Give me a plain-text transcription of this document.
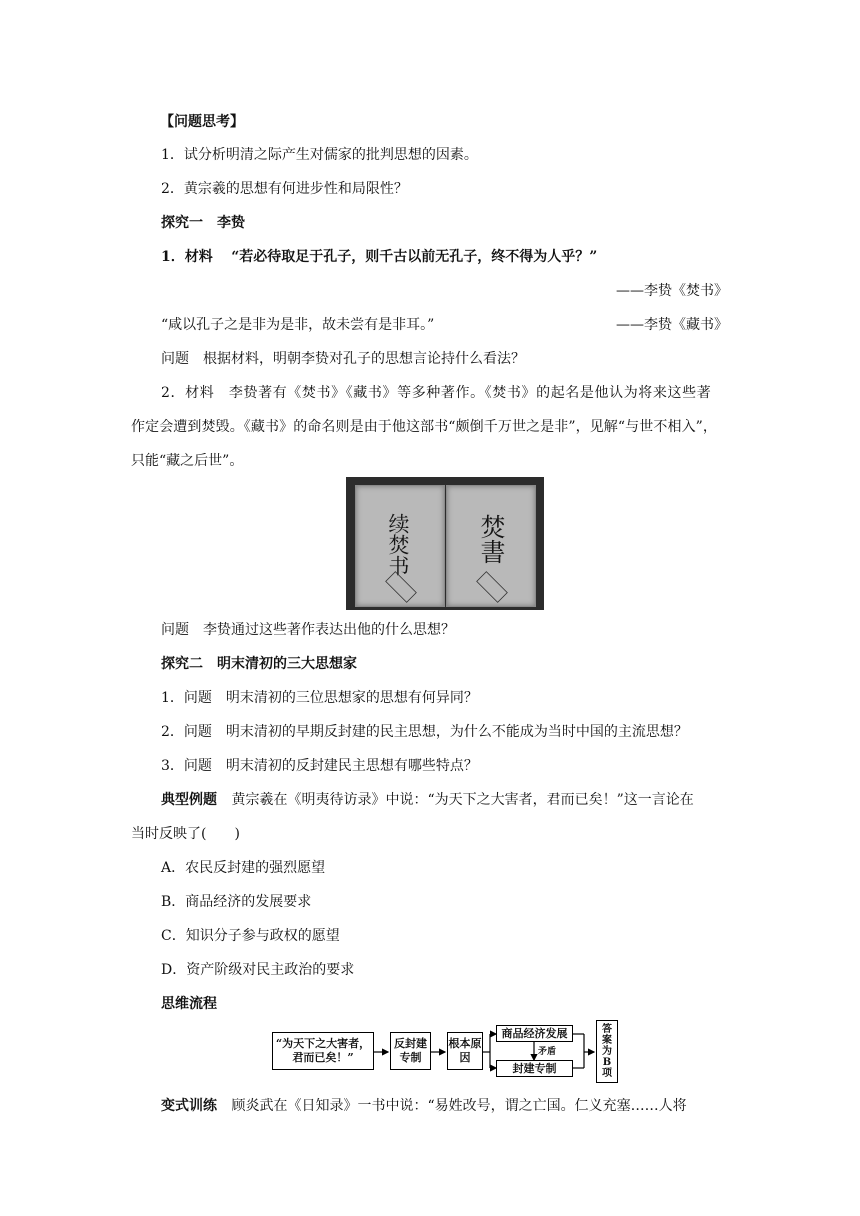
【问题思考】
1．试分析明清之际产生对儒家的批判思想的因素。
2．黄宗羲的思想有何进步性和局限性？
探究一　李贽
1．材料 “若必待取足于孔子，则千古以前无孔子，终不得为人乎？”
——李贽《焚书》
“咸以孔子之是非为是非，故未尝有是非耳。”	——李贽《藏书》
问题　根据材料，明朝李贽对孔子的思想言论持什么看法？
2．材料　李贽著有《焚书》《藏书》等多种著作。《焚书》的起名是他认为将来这些著
作定会遭到焚毁。《藏书》的命名则是由于他这部书“颇倒千万世之是非”，见解“与世不相入”，
只能“藏之后世”。
续焚书	焚書
问题　李贽通过这些著作表达出他的什么思想？
探究二　明末清初的三大思想家
1．问题　明末清初的三位思想家的思想有何异同？
2．问题　明末清初的早期反封建的民主思想，为什么不能成为当时中国的主流思想？
3．问题　明末清初的反封建民主思想有哪些特点？
典型例题 黄宗羲在《明夷待访录》中说：“为天下之大害者，君而已矣！”这一言论在
当时反映了(　　)
A．农民反封建的强烈愿望
B．商品经济的发展要求
C．知识分子参与政权的愿望
D．资产阶级对民主政治的要求
思维流程
“为天下之大害者，君而已矣！”
反封建专制
根本原因
商品经济发展
矛盾
封建专制
答案为B项
变式训练 顾炎武在《日知录》一书中说：“易姓改号，谓之亡国。仁义充塞……人将
